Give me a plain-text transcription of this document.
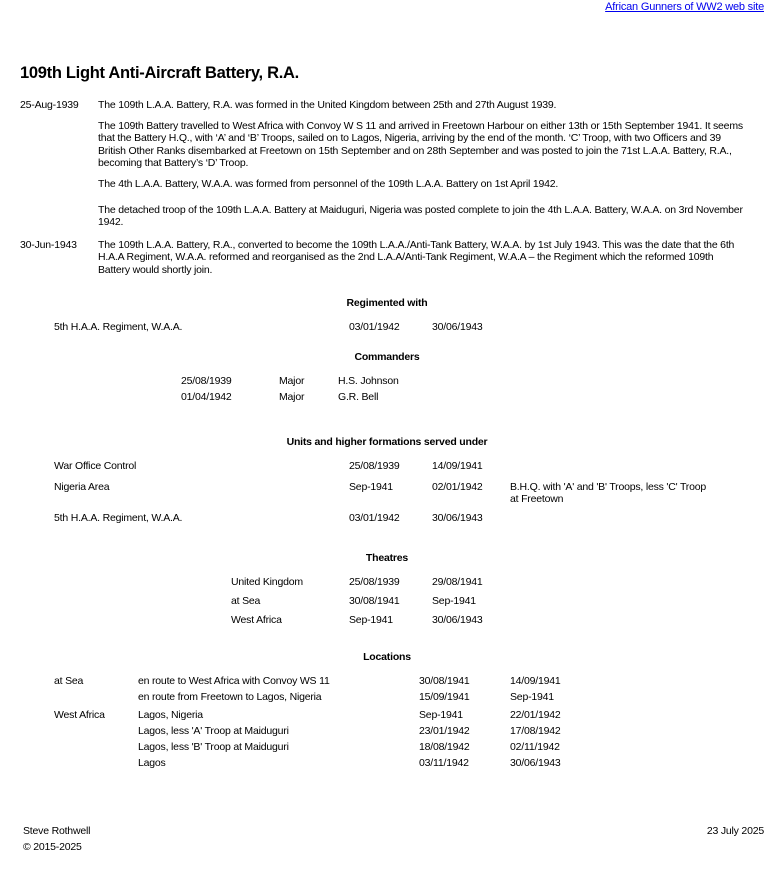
African Gunners of WW2 web site
109th Light Anti-Aircraft Battery, R.A.
25-Aug-1939 The 109th L.A.A. Battery, R.A. was formed in the United Kingdom between 25th and 27th August 1939.
The 109th Battery travelled to West Africa with Convoy W S 11 and arrived in Freetown Harbour on either 13th or 15th September 1941. It seems that the Battery H.Q., with ‘A’ and ‘B’ Troops, sailed on to Lagos, Nigeria, arriving by the end of the month. ‘C’ Troop, with two Officers and 39 British Other Ranks disembarked at Freetown on 15th September and on 28th September and was posted to join the 71st L.A.A. Battery, R.A., becoming that Battery’s ‘D’ Troop.
The 4th L.A.A. Battery, W.A.A. was formed from personnel of the 109th L.A.A. Battery on 1st April 1942.
The detached troop of the 109th L.A.A. Battery at Maiduguri, Nigeria was posted complete to join the 4th L.A.A. Battery, W.A.A. on 3rd November 1942.
30-Jun-1943 The 109th L.A.A. Battery, R.A., converted to become the 109th L.A.A./Anti-Tank Battery, W.A.A. by 1st July 1943. This was the date that the 6th H.A.A Regiment, W.A.A. reformed and reorganised as the 2nd L.A.A/Anti-Tank Regiment, W.A.A – the Regiment which the reformed 109th Battery would shortly join.
Regimented with
5th H.A.A. Regiment, W.A.A.	03/01/1942	30/06/1943
Commanders
25/08/1939	Major	H.S. Johnson
01/04/1942	Major	G.R. Bell
Units and higher formations served under
War Office Control	25/08/1939	14/09/1941
Nigeria Area	Sep-1941	02/01/1942	B.H.Q. with 'A' and 'B' Troops, less 'C' Troop at Freetown
5th H.A.A. Regiment, W.A.A.	03/01/1942	30/06/1943
Theatres
United Kingdom	25/08/1939	29/08/1941
at Sea	30/08/1941	Sep-1941
West Africa	Sep-1941	30/06/1943
Locations
at Sea	en route to West Africa with Convoy WS 11	30/08/1941	14/09/1941
en route from Freetown to Lagos, Nigeria	15/09/1941	Sep-1941
West Africa	Lagos, Nigeria	Sep-1941	22/01/1942
Lagos, less 'A' Troop at Maiduguri	23/01/1942	17/08/1942
Lagos, less 'B' Troop at Maiduguri	18/08/1942	02/11/1942
Lagos	03/11/1942	30/06/1943
Steve Rothwell
© 2015-2025
23 July 2025
